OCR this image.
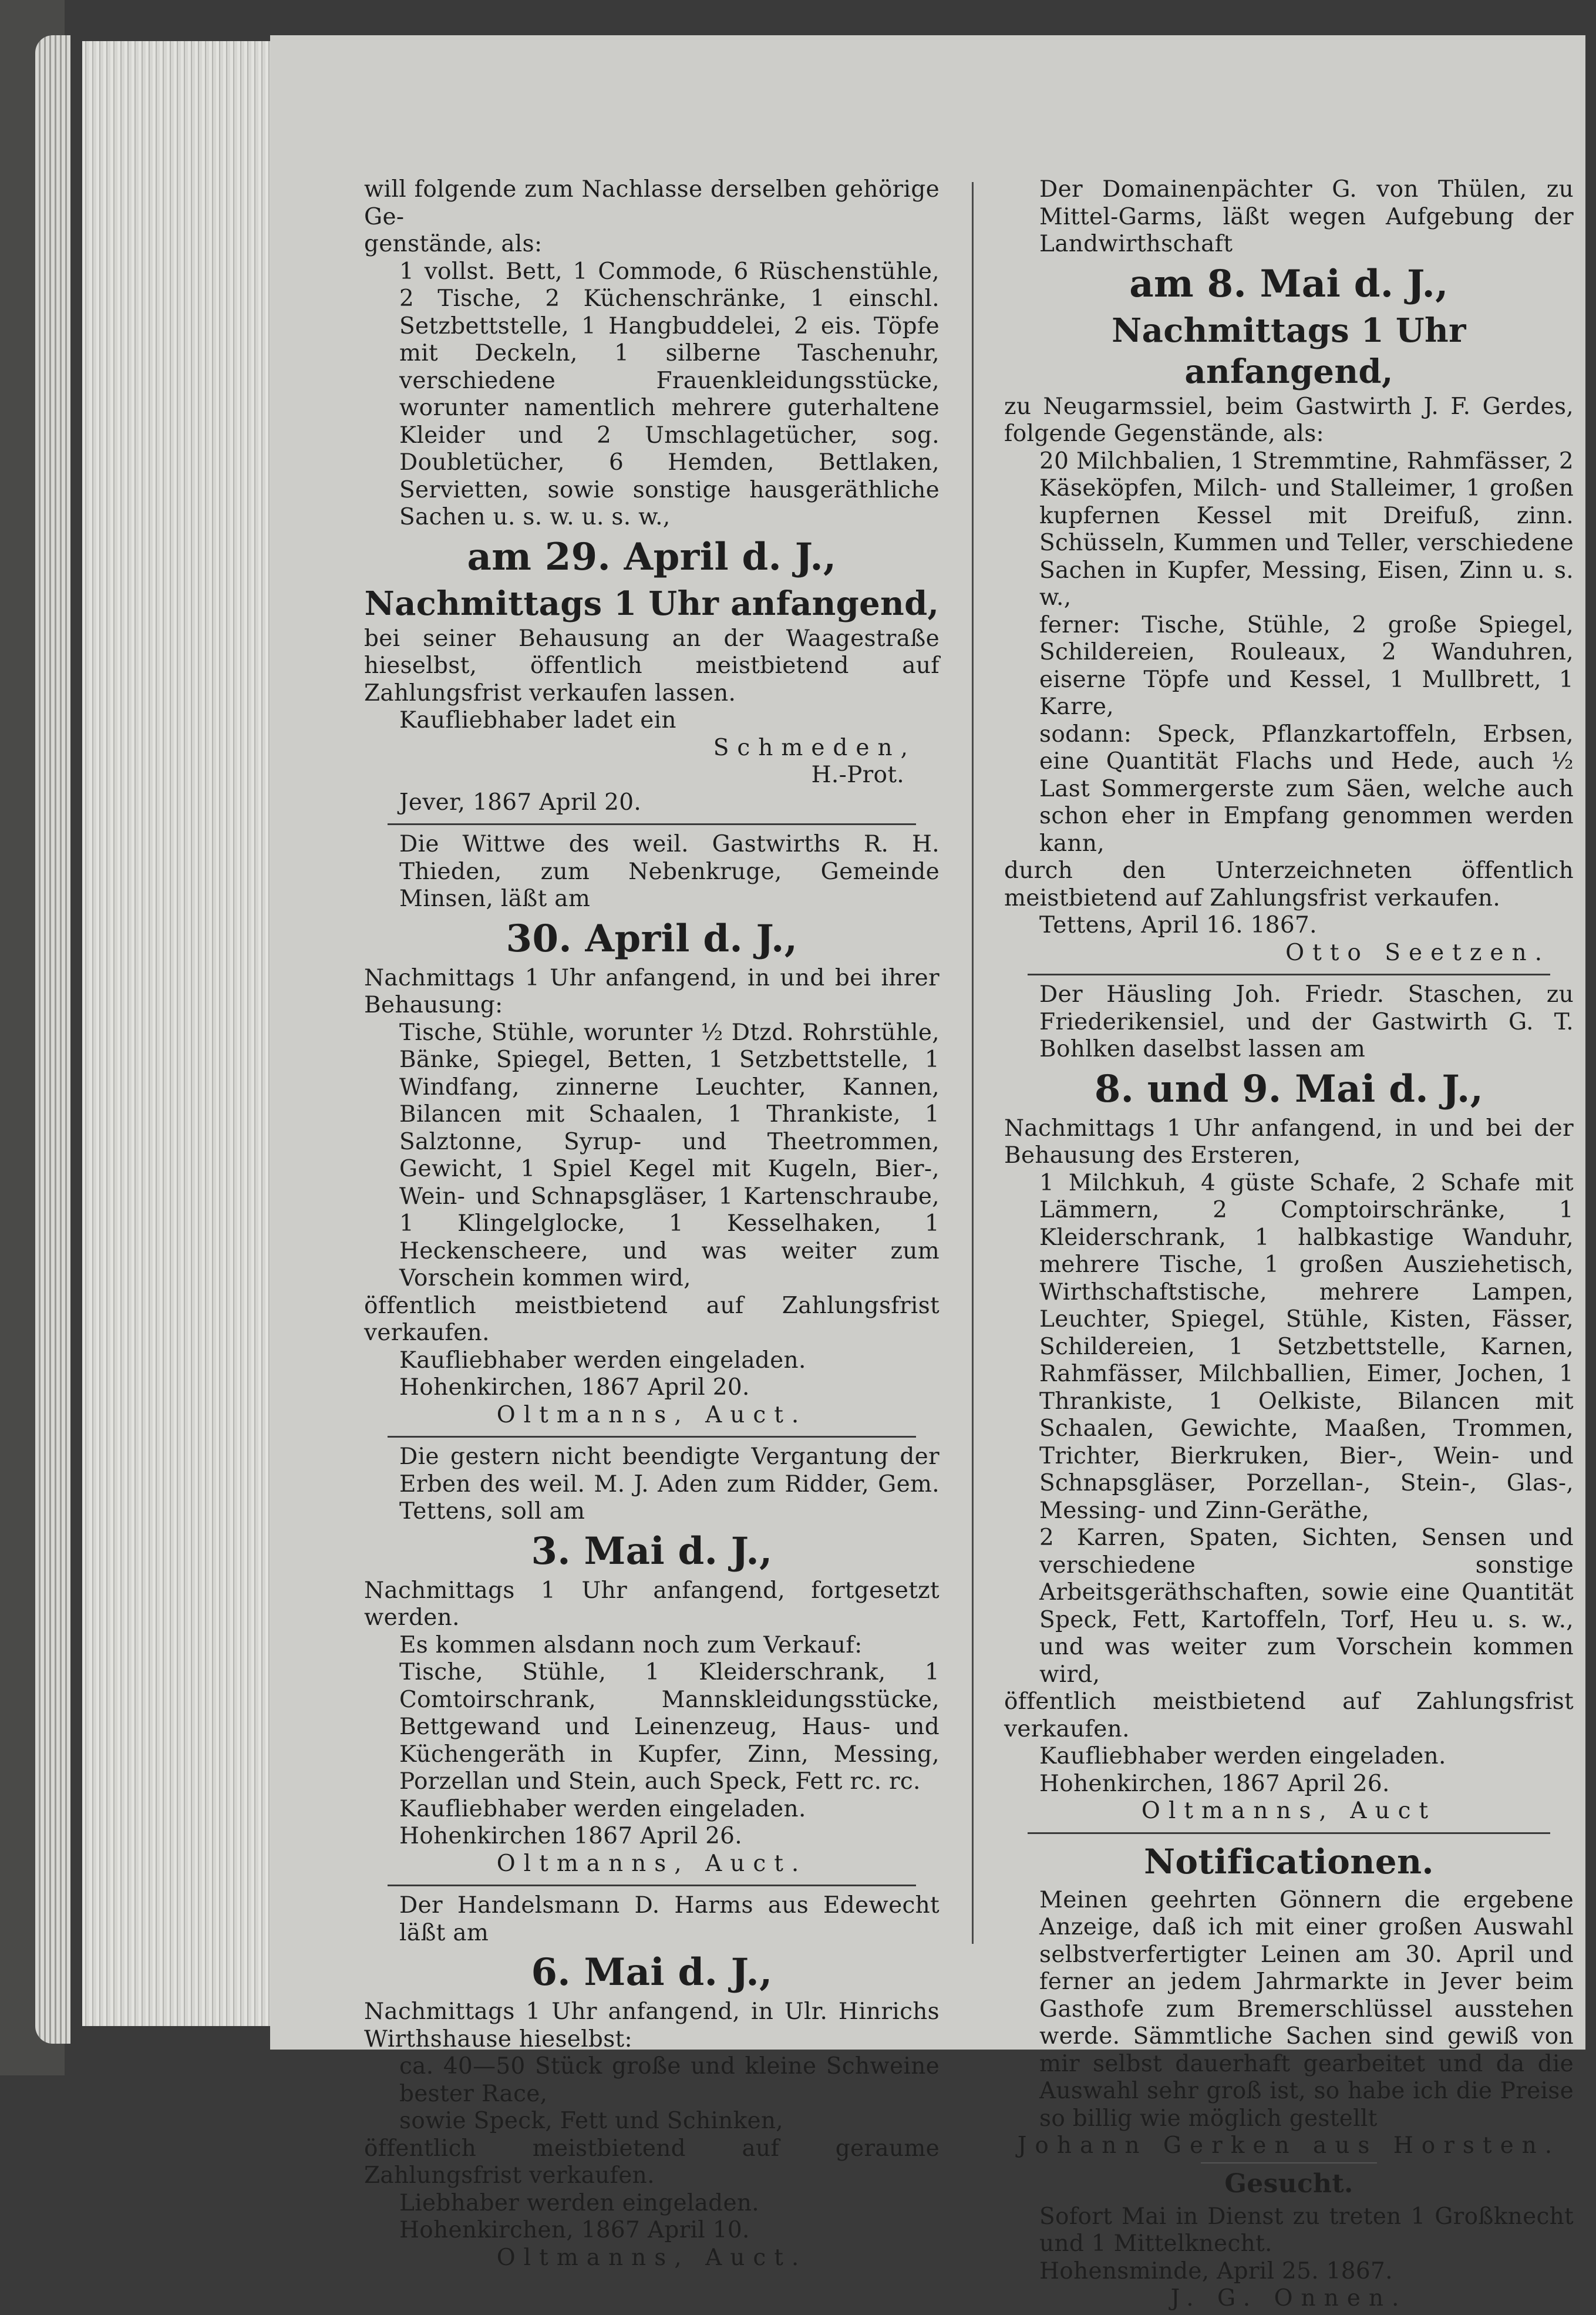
will folgende zum Nachlasse derselben gehörige Ge-

genstände, als:

1 vollst. Bett, 1 Commode, 6 Rüschenstühle, 2 Tische, 2 Küchenschränke, 1 einschl. Setzbettstelle, 1 Hangbuddelei, 2 eis. Töpfe mit Deckeln, 1 silberne Taschenuhr, verschiedene Frauenkleidungsstücke, worunter namentlich mehrere guterhaltene Kleider und 2 Umschlagetücher, sog. Doubletücher, 6 Hemden, Bettlaken, Servietten, sowie sonstige hausgeräthliche Sachen u. s. w. u. s. w.,

am 29. April d. J.,

Nachmittags 1 Uhr anfangend,

bei seiner Behausung an der Waagestraße hieselbst, öffentlich meistbietend auf Zahlungsfrist verkaufen lassen.

Kaufliebhaber ladet ein

Schmeden,

H.-Prot.

Jever, 1867 April 20.

Die Wittwe des weil. Gastwirths R. H. Thieden, zum Nebenkruge, Gemeinde Minsen, läßt am

30. April d. J.,

Nachmittags 1 Uhr anfangend, in und bei ihrer Behausung:

Tische, Stühle, worunter ½ Dtzd. Rohrstühle, Bänke, Spiegel, Betten, 1 Setzbettstelle, 1 Windfang, zinnerne Leuchter, Kannen, Bilancen mit Schaalen, 1 Thrankiste, 1 Salztonne, Syrup- und Theetrommen, Gewicht, 1 Spiel Kegel mit Kugeln, Bier-, Wein- und Schnapsgläser, 1 Kartenschraube, 1 Klingelglocke, 1 Kesselhaken, 1 Heckenscheere, und was weiter zum Vorschein kommen wird,

öffentlich meistbietend auf Zahlungsfrist verkaufen.

Kaufliebhaber werden eingeladen.

Hohenkirchen, 1867 April 20.

Oltmanns, Auct.

Die gestern nicht beendigte Vergantung der Erben des weil. M. J. Aden zum Ridder, Gem. Tettens, soll am

3. Mai d. J.,

Nachmittags 1 Uhr anfangend, fortgesetzt werden.

Es kommen alsdann noch zum Verkauf:

Tische, Stühle, 1 Kleiderschrank, 1 Comtoirschrank, Mannskleidungsstücke, Bettgewand und Leinenzeug, Haus- und Küchengeräth in Kupfer, Zinn, Messing, Porzellan und Stein, auch Speck, Fett rc. rc.

Kaufliebhaber werden eingeladen.

Hohenkirchen 1867 April 26.

Oltmanns, Auct.

Der Handelsmann D. Harms aus Edewecht läßt am

6. Mai d. J.,

Nachmittags 1 Uhr anfangend, in Ulr. Hinrichs Wirthshause hieselbst:

ca. 40—50 Stück große und kleine Schweine bester Race,

sowie Speck, Fett und Schinken,

öffentlich meistbietend auf geraume Zahlungsfrist verkaufen.

Liebhaber werden eingeladen.

Hohenkirchen, 1867 April 10.

Oltmanns, Auct.

Der Domainenpächter G. von Thülen, zu Mittel-Garms, läßt wegen Aufgebung der Landwirthschaft

am 8. Mai d. J.,

Nachmittags 1 Uhr anfangend,

zu Neugarmssiel, beim Gastwirth J. F. Gerdes, folgende Gegenstände, als:

20 Milchbalien, 1 Stremmtine, Rahmfässer, 2 Käseköpfen, Milch- und Stalleimer, 1 großen kupfernen Kessel mit Dreifuß, zinn. Schüsseln, Kummen und Teller, verschiedene Sachen in Kupfer, Messing, Eisen, Zinn u. s. w.,

ferner: Tische, Stühle, 2 große Spiegel, Schildereien, Rouleaux, 2 Wanduhren, eiserne Töpfe und Kessel, 1 Mullbrett, 1 Karre,

sodann: Speck, Pflanzkartoffeln, Erbsen, eine Quantität Flachs und Hede, auch ½ Last Sommergerste zum Säen, welche auch schon eher in Empfang genommen werden kann,

durch den Unterzeichneten öffentlich meistbietend auf Zahlungsfrist verkaufen.

Tettens, April 16. 1867.

Otto Seetzen.

Der Häusling Joh. Friedr. Staschen, zu Friederikensiel, und der Gastwirth G. T. Bohlken daselbst lassen am

8. und 9. Mai d. J.,

Nachmittags 1 Uhr anfangend, in und bei der Behausung des Ersteren,

1 Milchkuh, 4 güste Schafe, 2 Schafe mit Lämmern, 2 Comptoirschränke, 1 Kleiderschrank, 1 halbkastige Wanduhr, mehrere Tische, 1 großen Ausziehetisch, Wirthschaftstische, mehrere Lampen, Leuchter, Spiegel, Stühle, Kisten, Fässer, Schildereien, 1 Setzbettstelle, Karnen, Rahmfässer, Milchballien, Eimer, Jochen, 1 Thrankiste, 1 Oelkiste, Bilancen mit Schaalen, Gewichte, Maaßen, Trommen, Trichter, Bierkruken, Bier-, Wein- und Schnapsgläser, Porzellan-, Stein-, Glas-, Messing- und Zinn-Geräthe,

2 Karren, Spaten, Sichten, Sensen und verschiedene sonstige Arbeitsgeräthschaften, sowie eine Quantität Speck, Fett, Kartoffeln, Torf, Heu u. s. w., und was weiter zum Vorschein kommen wird,

öffentlich meistbietend auf Zahlungsfrist verkaufen.

Kaufliebhaber werden eingeladen.

Hohenkirchen, 1867 April 26.

Oltmanns, Auct

Notificationen.

Meinen geehrten Gönnern die ergebene Anzeige, daß ich mit einer großen Auswahl selbstverfertigter Leinen am 30. April und ferner an jedem Jahrmarkte in Jever beim Gasthofe zum Bremerschlüssel ausstehen werde. Sämmtliche Sachen sind gewiß von mir selbst dauerhaft gearbeitet und da die Auswahl sehr groß ist, so habe ich die Preise so billig wie möglich gestellt

Johann Gerken aus Horsten.

Gesucht.

Sofort Mai in Dienst zu treten 1 Großknecht und 1 Mittelknecht.

Hohensminde, April 25. 1867.

J. G. Onnen.
